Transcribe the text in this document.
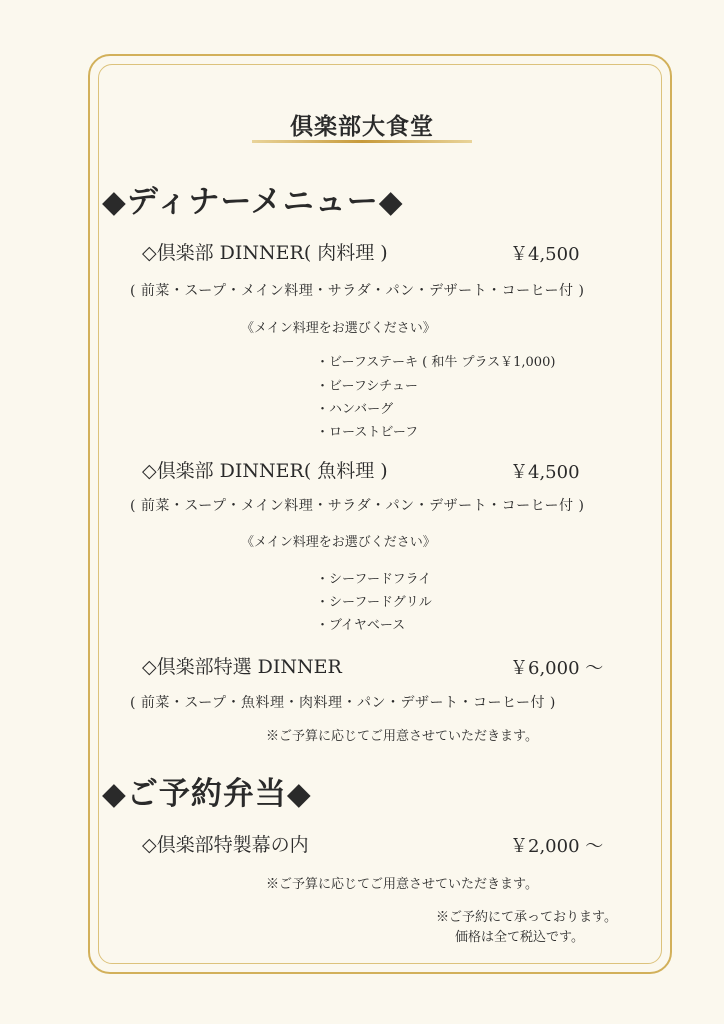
倶楽部大食堂
◆ディナーメニュー◆
◇倶楽部 DINNER( 肉料理 )	￥4,500
( 前菜・スープ・メイン料理・サラダ・パン・デザート・コーヒー付 )
《メイン料理をお選びください》
・ビーフステーキ ( 和牛 プラス￥1,000)
・ビーフシチュー
・ハンバーグ
・ローストビーフ
◇倶楽部 DINNER( 魚料理 )	￥4,500
( 前菜・スープ・メイン料理・サラダ・パン・デザート・コーヒー付 )
《メイン料理をお選びください》
・シーフードフライ
・シーフードグリル
・ブイヤベース
◇倶楽部特選 DINNER	￥6,000 ～
( 前菜・スープ・魚料理・肉料理・パン・デザート・コーヒー付 )
※ご予算に応じてご用意させていただきます。
◆ご予約弁当◆
◇倶楽部特製幕の内	￥2,000 ～
※ご予算に応じてご用意させていただきます。
※ご予約にて承っております。
価格は全て税込です。
